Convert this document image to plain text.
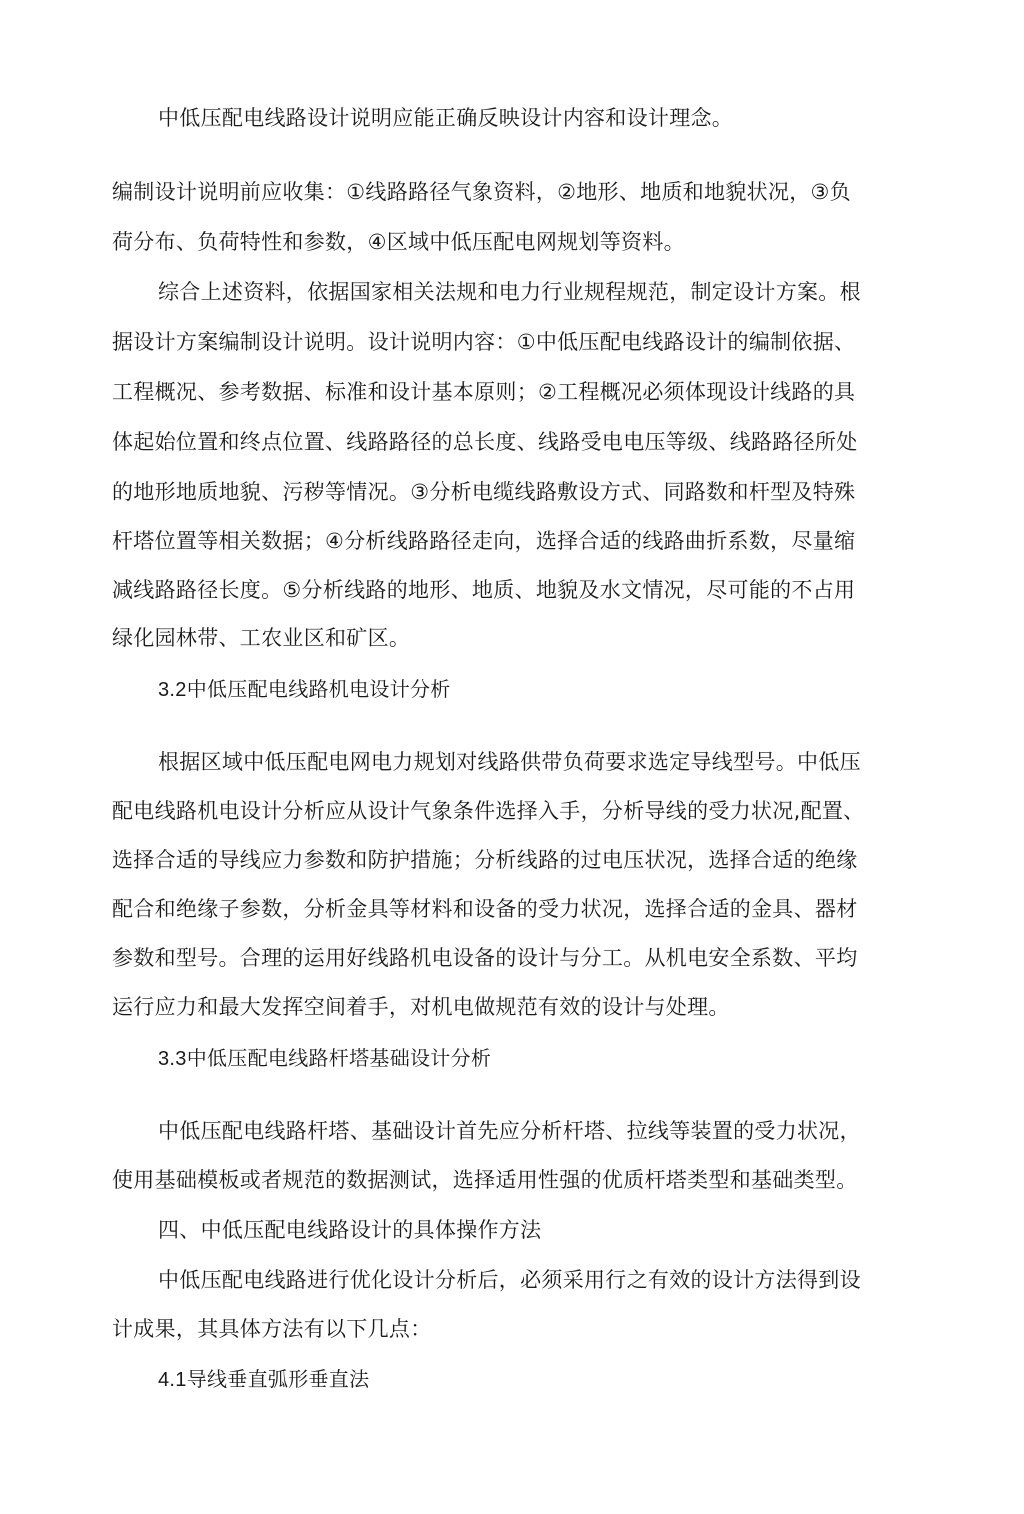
中低压配电线路设计说明应能正确反映设计内容和设计理念。
编制设计说明前应收集：①线路路径气象资料，②地形、地质和地貌状况，③负
荷分布、负荷特性和参数，④区域中低压配电网规划等资料。
综合上述资料，依据国家相关法规和电力行业规程规范，制定设计方案。根
据设计方案编制设计说明。设计说明内容：①中低压配电线路设计的编制依据、
工程概况、参考数据、标准和设计基本原则；②工程概况必须体现设计线路的具
体起始位置和终点位置、线路路径的总长度、线路受电电压等级、线路路径所处
的地形地质地貌、污秽等情况。③分析电缆线路敷设方式、同路数和杆型及特殊
杆塔位置等相关数据；④分析线路路径走向，选择合适的线路曲折系数，尽量缩
减线路路径长度。⑤分析线路的地形、地质、地貌及水文情况，尽可能的不占用
绿化园林带、工农业区和矿区。
3.2中低压配电线路机电设计分析
根据区域中低压配电网电力规划对线路供带负荷要求选定导线型号。中低压
配电线路机电设计分析应从设计气象条件选择入手，分析导线的受力状况,配置、
选择合适的导线应力参数和防护措施；分析线路的过电压状况，选择合适的绝缘
配合和绝缘子参数，分析金具等材料和设备的受力状况，选择合适的金具、器材
参数和型号。合理的运用好线路机电设备的设计与分工。从机电安全系数、平均
运行应力和最大发挥空间着手，对机电做规范有效的设计与处理。
3.3中低压配电线路杆塔基础设计分析
中低压配电线路杆塔、基础设计首先应分析杆塔、拉线等装置的受力状况，
使用基础模板或者规范的数据测试，选择适用性强的优质杆塔类型和基础类型。
四、中低压配电线路设计的具体操作方法
中低压配电线路进行优化设计分析后，必须采用行之有效的设计方法得到设
计成果，其具体方法有以下几点：
4.1导线垂直弧形垂直法
